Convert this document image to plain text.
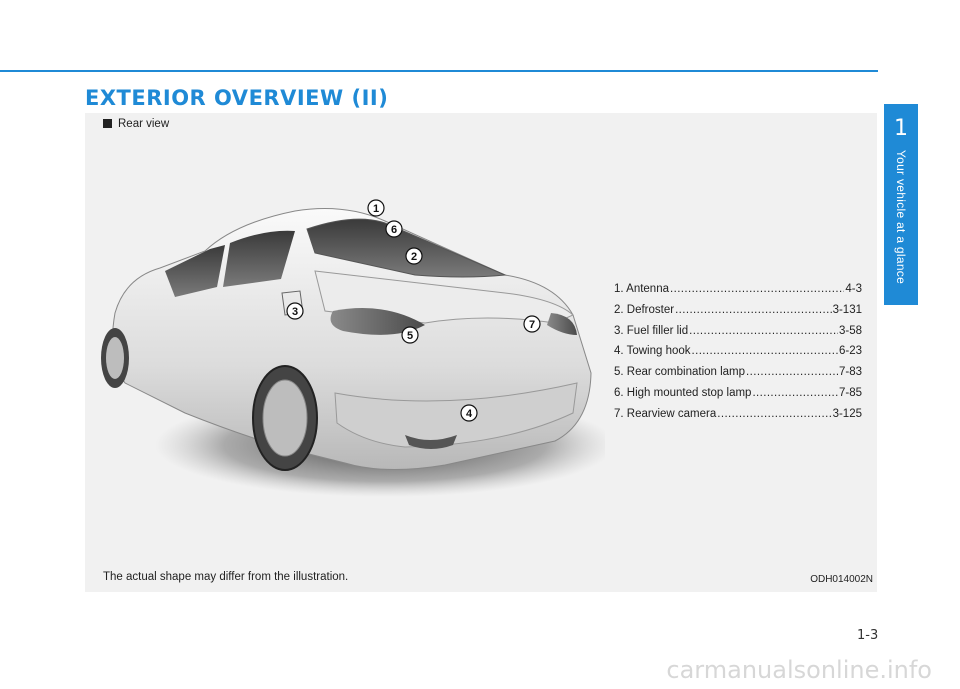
EXTERIOR OVERVIEW (II)
1
Your vehicle at a glance
Rear view
1
6
2
3
5
7
4
1. Antenna .....	4-3
2. Defroster .....	3-131
3. Fuel filler lid .....	3-58
4. Towing hook .....	6-23
5. Rear combination lamp .....	7-83
6. High mounted stop lamp .....	7-85
7. Rearview camera .....	3-125
The actual shape may differ from the illustration.	ODH014002N
1-3
carmanualsonline.info
